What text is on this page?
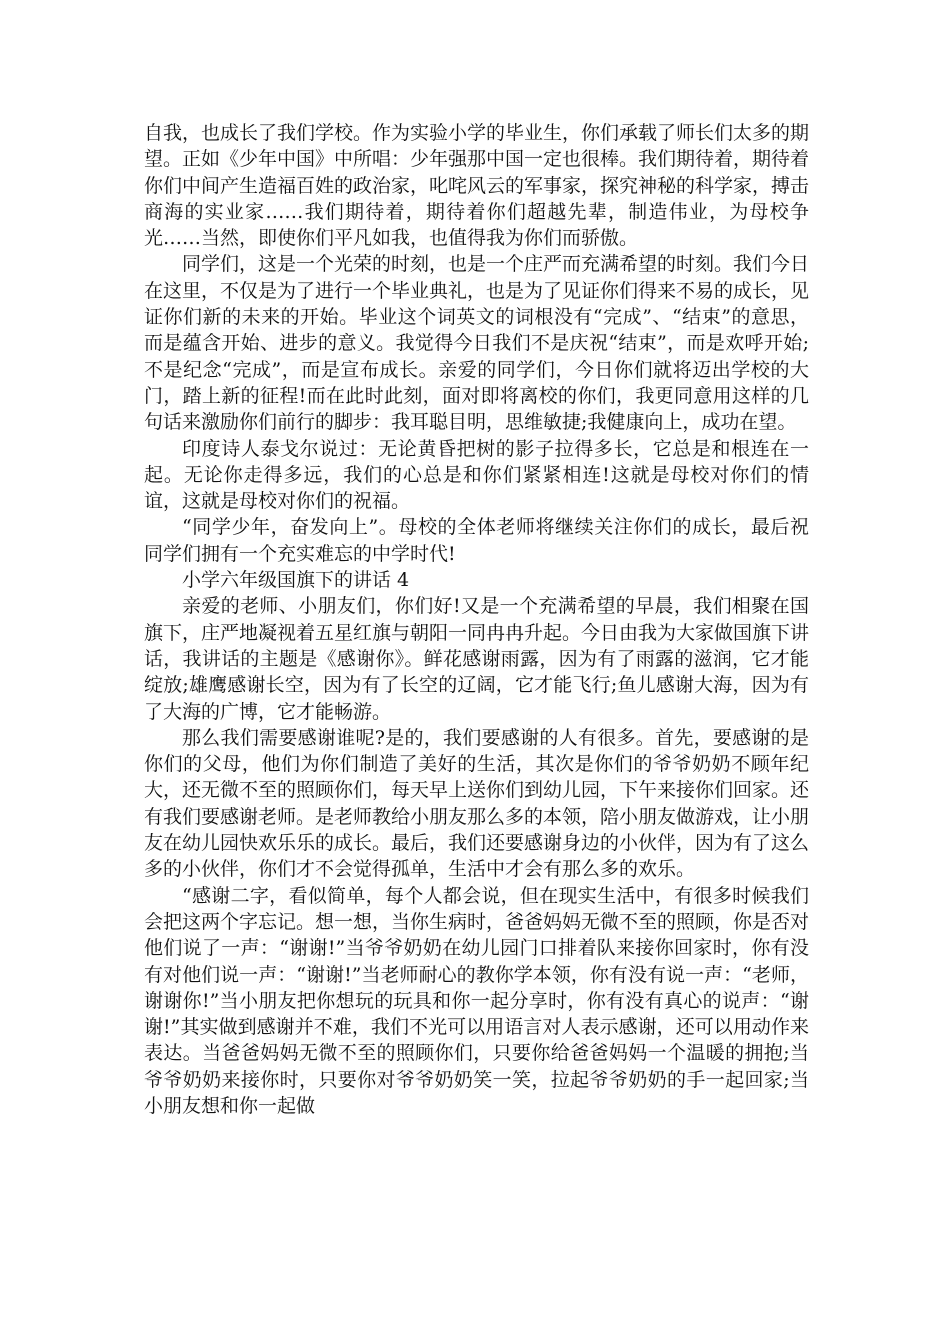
自我，也成长了我们学校。作为实验小学的毕业生，你们承载了师长们太多的期望。正如《少年中国》中所唱：少年强那中国一定也很棒。我们期待着，期待着你们中间产生造福百姓的政治家，叱咤风云的军事家，探究神秘的科学家，搏击商海的实业家……我们期待着，期待着你们超越先辈，制造伟业，为母校争光……当然，即使你们平凡如我，也值得我为你们而骄傲。

同学们，这是一个光荣的时刻，也是一个庄严而充满希望的时刻。我们今日在这里，不仅是为了进行一个毕业典礼，也是为了见证你们得来不易的成长，见证你们新的未来的开始。毕业这个词英文的词根没有“完成”、“结束”的意思，而是蕴含开始、进步的意义。我觉得今日我们不是庆祝“结束”，而是欢呼开始;不是纪念“完成”，而是宣布成长。亲爱的同学们，今日你们就将迈出学校的大门，踏上新的征程!而在此时此刻，面对即将离校的你们，我更同意用这样的几句话来激励你们前行的脚步：我耳聪目明，思维敏捷;我健康向上，成功在望。

印度诗人泰戈尔说过：无论黄昏把树的影子拉得多长，它总是和根连在一起。无论你走得多远，我们的心总是和你们紧紧相连!这就是母校对你们的情谊，这就是母校对你们的祝福。

“同学少年，奋发向上”。母校的全体老师将继续关注你们的成长，最后祝同学们拥有一个充实难忘的中学时代!

小学六年级国旗下的讲话 4

亲爱的老师、小朋友们，你们好!又是一个充满希望的早晨，我们相聚在国旗下，庄严地凝视着五星红旗与朝阳一同冉冉升起。今日由我为大家做国旗下讲话，我讲话的主题是《感谢你》。鲜花感谢雨露，因为有了雨露的滋润，它才能绽放;雄鹰感谢长空，因为有了长空的辽阔，它才能飞行;鱼儿感谢大海，因为有了大海的广博，它才能畅游。

那么我们需要感谢谁呢?是的，我们要感谢的人有很多。首先，要感谢的是你们的父母，他们为你们制造了美好的生活，其次是你们的爷爷奶奶不顾年纪大，还无微不至的照顾你们，每天早上送你们到幼儿园，下午来接你们回家。还有我们要感谢老师。是老师教给小朋友那么多的本领，陪小朋友做游戏，让小朋友在幼儿园快欢乐乐的成长。最后，我们还要感谢身边的小伙伴，因为有了这么多的小伙伴，你们才不会觉得孤单，生活中才会有那么多的欢乐。

“感谢二字，看似简单，每个人都会说，但在现实生活中，有很多时候我们会把这两个字忘记。想一想，当你生病时，爸爸妈妈无微不至的照顾，你是否对他们说了一声：“谢谢!”当爷爷奶奶在幼儿园门口排着队来接你回家时，你有没有对他们说一声：“谢谢!”当老师耐心的教你学本领，你有没有说一声：“老师，谢谢你!”当小朋友把你想玩的玩具和你一起分享时，你有没有真心的说声：“谢谢!”其实做到感谢并不难，我们不光可以用语言对人表示感谢，还可以用动作来表达。当爸爸妈妈无微不至的照顾你们，只要你给爸爸妈妈一个温暖的拥抱;当爷爷奶奶来接你时，只要你对爷爷奶奶笑一笑，拉起爷爷奶奶的手一起回家;当小朋友想和你一起做
